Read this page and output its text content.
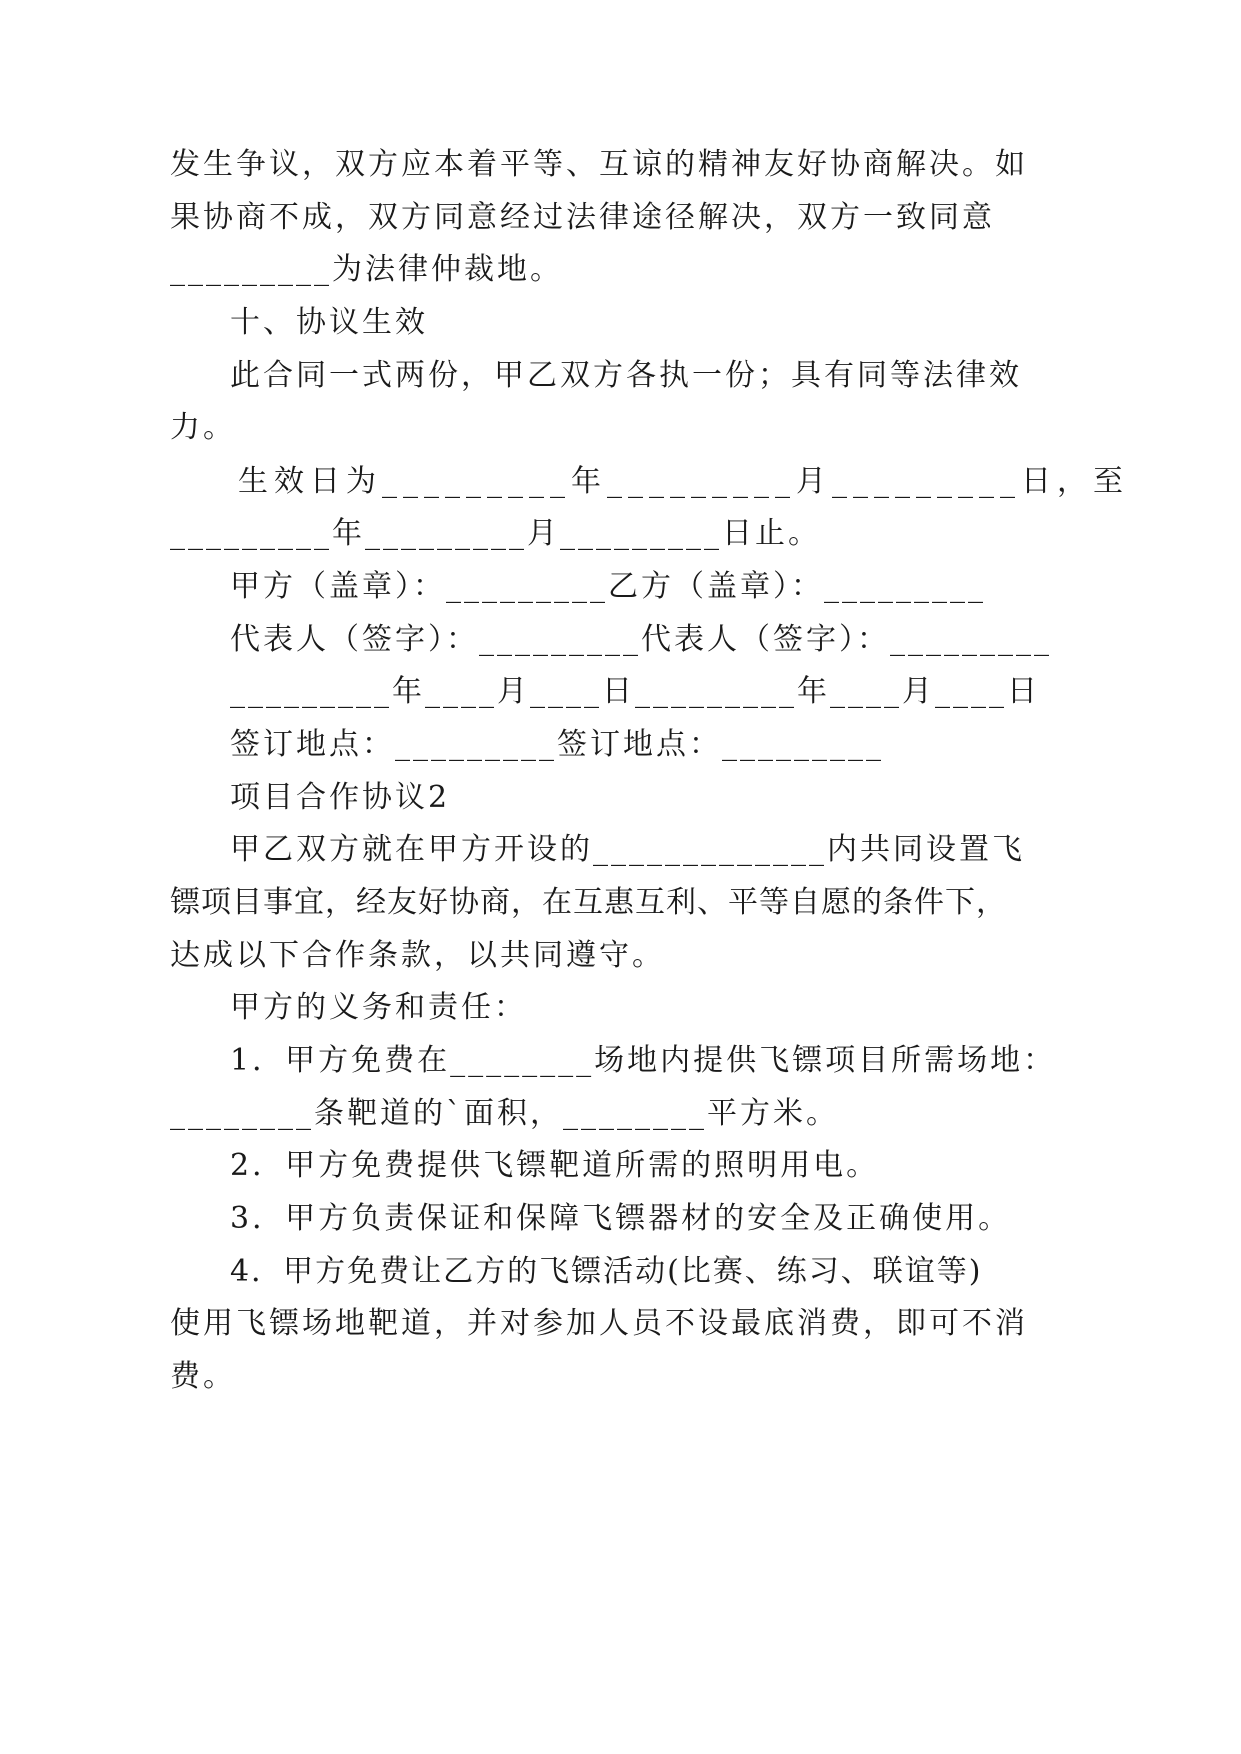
发生争议，双方应本着平等、互谅的精神友好协商解决。如

果协商不成，双方同意经过法律途径解决，双方一致同意

_________为法律仲裁地。

十、协议生效

此合同一式两份，甲乙双方各执一份；具有同等法律效

力。

生效日为_________年_________月_________日，至

_________年_________月_________日止。

甲方（盖章）：_________乙方（盖章）：_________

代表人（签字）：_________代表人（签字）：_________

_________年____月____日_________年____月____日

签订地点：_________签订地点：_________

项目合作协议2

甲乙双方就在甲方开设的_____________内共同设置飞

镖项目事宜，经友好协商，在互惠互利、平等自愿的条件下，

达成以下合作条款，以共同遵守。

甲方的义务和责任：

1．甲方免费在________场地内提供飞镖项目所需场地：

________条靶道的`面积，________平方米。

2．甲方免费提供飞镖靶道所需的照明用电。

3．甲方负责保证和保障飞镖器材的安全及正确使用。

4．甲方免费让乙方的飞镖活动(比赛、练习、联谊等)

使用飞镖场地靶道，并对参加人员不设最底消费，即可不消

费。
